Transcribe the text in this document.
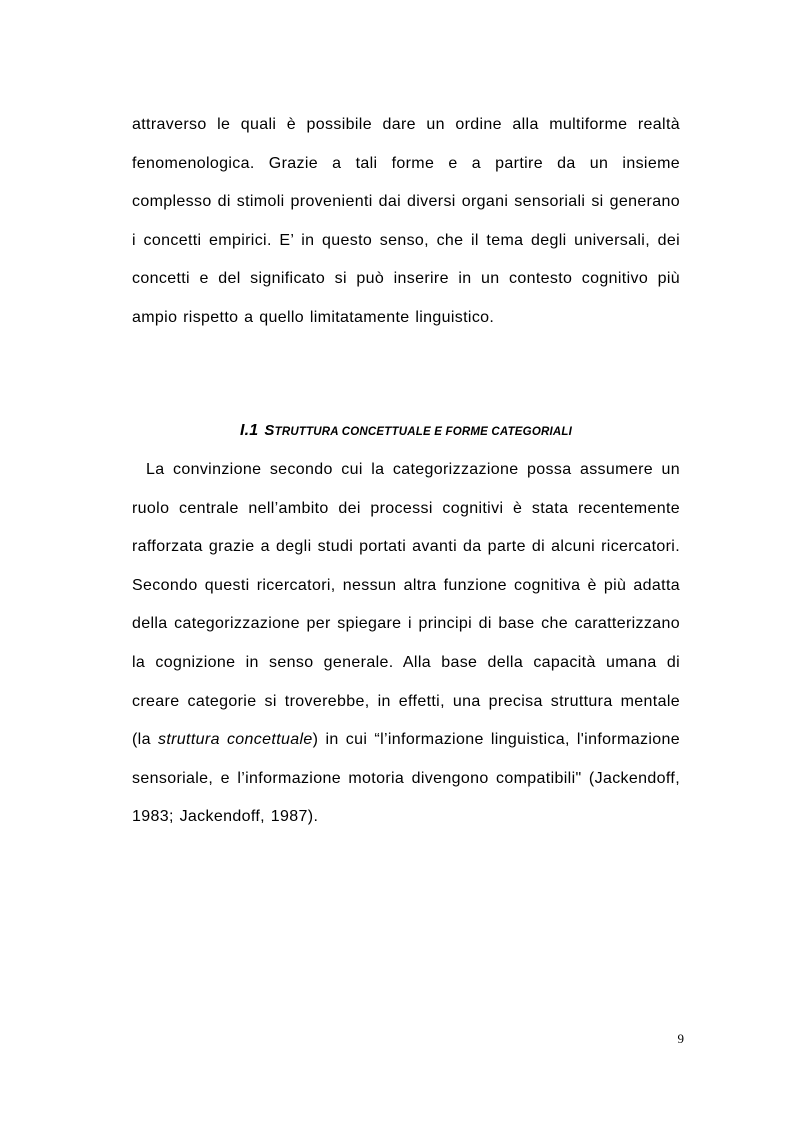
attraverso le quali è possibile dare un ordine alla multiforme realtà fenomenologica. Grazie a tali forme e a partire da un insieme complesso di stimoli provenienti dai diversi organi sensoriali si generano i concetti empirici. E’ in questo senso, che il tema degli universali, dei concetti e del significato si può inserire in un contesto cognitivo più ampio rispetto a quello limitatamente linguistico.

I.1 STRUTTURA CONCETTUALE E FORME CATEGORIALI

La convinzione secondo cui la categorizzazione possa assumere un ruolo centrale nell’ambito dei processi cognitivi è stata recentemente rafforzata grazie a degli studi portati avanti da parte di alcuni ricercatori. Secondo questi ricercatori, nessun altra funzione cognitiva è più adatta della categorizzazione per spiegare i principi di base che caratterizzano la cognizione in senso generale. Alla base della capacità umana di creare categorie si troverebbe, in effetti, una precisa struttura mentale (la struttura concettuale) in cui “l’informazione linguistica, l'informazione sensoriale, e l’informazione motoria divengono compatibili" (Jackendoff, 1983; Jackendoff, 1987).

9
